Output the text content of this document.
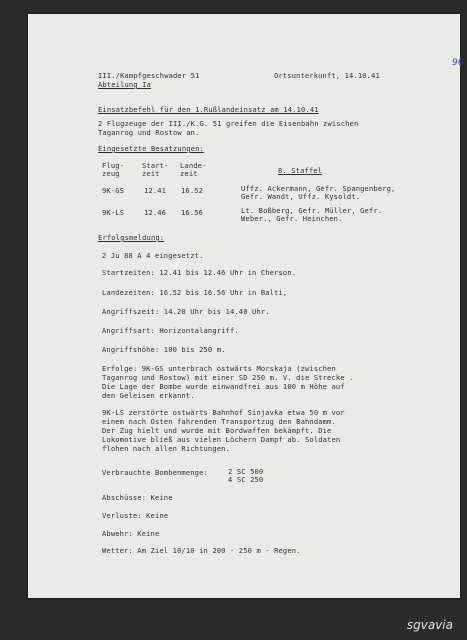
96
III./Kampfgeschwader 51
Abteilung Ia
Ortsunterkunft, 14.10.41
Einsatzbefehl für den 1.Rußlandeinsatz am 14.10.41
2 Flugzeuge der III./K.G. 51 greifen die Eisenbahn zwischen
Taganrog und Rostow an.
Eingesetzte Besatzungen:
Flug-
zeug
Start-
zeit
Lande-
zeit	8. Staffel
9K-GS	12.41 16.52	Uffz. Ackermann, Gefr. Spangenberg,
Gefr. Wandt, Uffz. Kysoldt.
9K-LS	12.46 16.56	Lt. Boßberg, Gefr. Müller, Gefr.
Weber., Gefr. Heinchen.
Erfolgsmeldung:
2 Ju 88 A 4 eingesetzt.
Startzeiten: 12.41 bis 12.46 Uhr in Cherson.
Landezeiten: 16.52 bis 16.56 Uhr in Balti,
Angriffszeit: 14.20 Uhr bis 14.40 Uhr.
Angriffsart: Horizontalangriff.
Angriffshöhe: 100 bis 250 m.
Erfolge: 9K-GS unterbrach ostwärts Morskaja (zwischen
Taganrog und Rostow) mit einer SD 250 m. V. die Strecke .
Die Lage der Bombe wurde einwandfrei aus 100 m Höhe auf
den Geleisen erkannt.
9K-LS zerstörte ostwärts Bahnhof Sinjavka etwa 50 m vor
einem nach Osten fahrenden Transportzug den Bahndamm.
Der Zug hielt und wurde mit Bordwaffen bekämpft. Die
Lokomotive bließ aus vielen Löchern Dampf ab. Soldaten
flohen nach allen Richtungen.
Verbrauchte Bombenmenge:	2 SC 500
4 SC 250
Abschüsse: Keine
Verluste: Keine
Abwehr: Keine
Wetter: Am Ziel 10/10 in 200 - 250 m - Regen.
sgvavia
